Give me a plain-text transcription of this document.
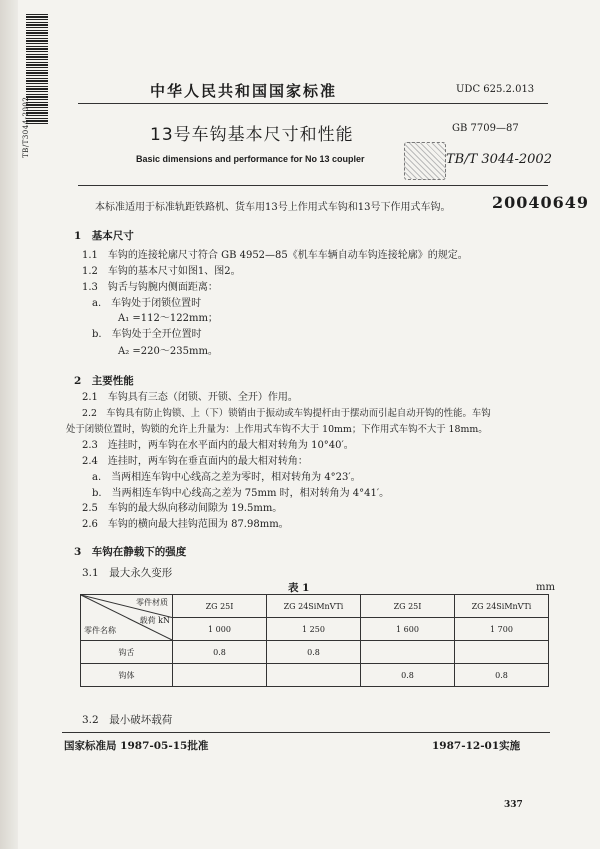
TB/T3044-2002
中华人民共和国国家标准	UDC 625.2.013
13号车钩基本尺寸和性能	GB 7709—87
Basic dimensions and performance for No 13 coupler	TB/T 3044-2002
20040649
本标准适用于标准轨距铁路机、货车用13号上作用式车钩和13号下作用式车钩。
1　基本尺寸
1.1　车钩的连接轮廓尺寸符合 GB 4952—85《机车车辆自动车钩连接轮廓》的规定。
1.2　车钩的基本尺寸如图1、图2。
1.3　钩舌与钩腕内侧面距离：
a.　车钩处于闭锁位置时
A₁ =112～122mm；
b.　车钩处于全开位置时
A₂ =220～235mm。
2　主要性能
2.1　车钩具有三态（闭锁、开锁、全开）作用。
2.2　车钩具有防止钩锁、上（下）锁销由于振动或车钩提杆由于摆动而引起自动开钩的性能。车钩
处于闭锁位置时，钩锁的允许上升量为：上作用式车钩不大于 10mm；下作用式车钩不大于 18mm。
2.3　连挂时，两车钩在水平面内的最大相对转角为 10°40′。
2.4　连挂时，两车钩在垂直面内的最大相对转角：
a.　当两相连车钩中心线高之差为零时，相对转角为 4°23′。
b.　当两相连车钩中心线高之差为 75mm 时，相对转角为 4°41′。
2.5　车钩的最大纵向移动间隙为 19.5mm。
2.6　车钩的横向最大挂钩范围为 87.98mm。
3　车钩在静载下的强度
3.1　最大永久变形
表 1	mm
零件材质
载荷 kN
零件名称	ZG 25I	ZG 24SiMnVTi	ZG 25I	ZG 24SiMnVTi
	1 000	1 250	1 600	1 700
钩舌	0.8	0.8		
钩体			0.8	0.8
3.2　最小破坏载荷
国家标准局 1987-05-15批准	1987-12-01实施
337
